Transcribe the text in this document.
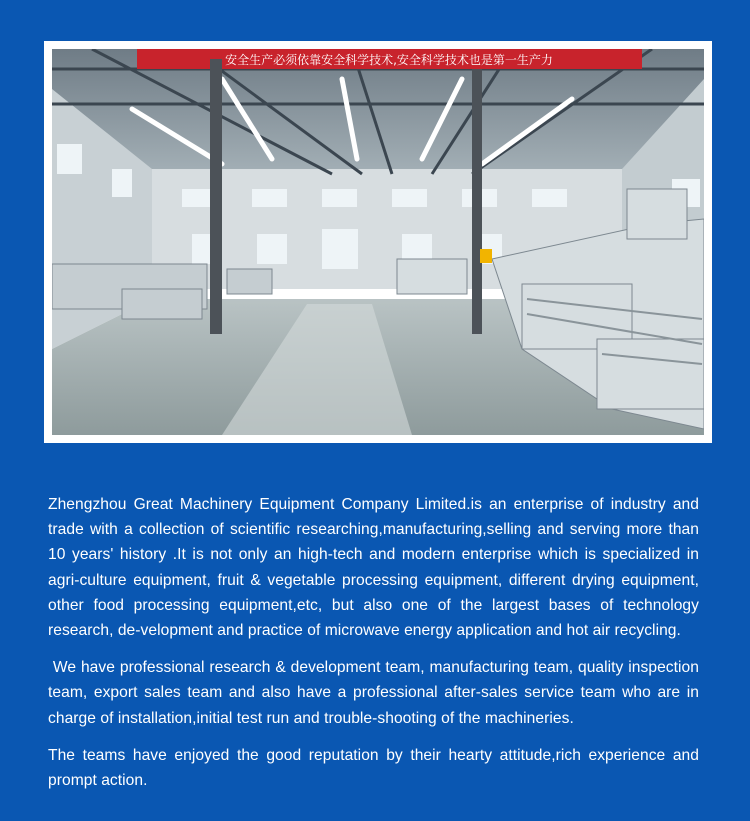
安全生产必须依靠安全科学技术,安全科学技术也是第一生产力

Zhengzhou Great Machinery Equipment Company Limited.is an enterprise of industry and trade with a collection of scientific researching,manufacturing,selling and serving more than 10 years' history .It is not only an high-tech and modern enterprise which is specialized in agri-culture equipment, fruit & vegetable processing equipment, different drying equipment, other food processing equipment,etc, but also one of the largest bases of technology research, de-velopment and practice of microwave energy application and hot air recycling.

We have professional research & development team, manufacturing team, quality inspection team, export sales team and also have a professional after-sales service team who are in charge of installation,initial test run and trouble-shooting of the machineries.

The teams have enjoyed the good reputation by their hearty attitude,rich experience and prompt action.
